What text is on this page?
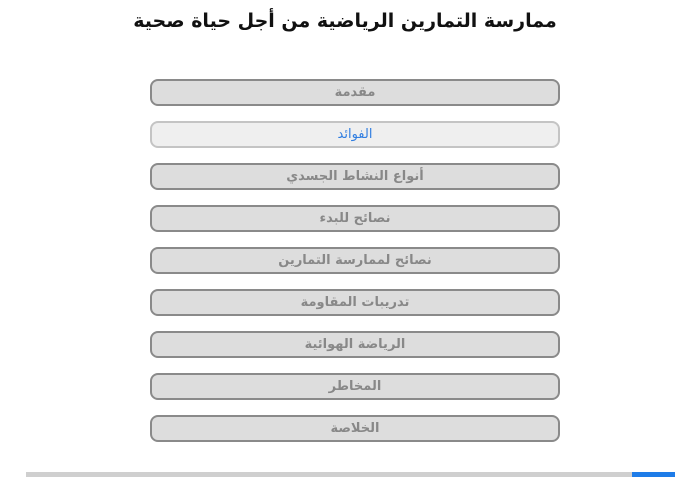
ممارسة التمارين الرياضية من أجل حياة صحية
مقدمة
الفوائد
أنواع النشاط الجسدي
نصائح للبدء
نصائح لممارسة التمارين
تدريبات المقاومة
الرياضة الهوائية
المخاطر
الخلاصة
